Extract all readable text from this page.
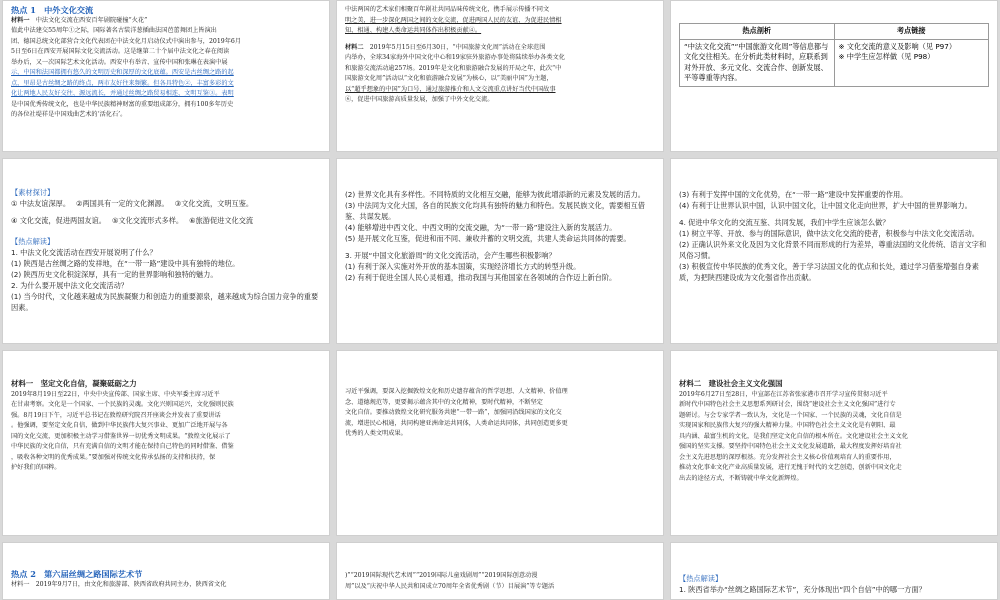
热点 1　中外文化交流

材料一　 中法文化交流在西安百年剧院碰撞“火花”

值此中法建交55周年①之际，国际著名古装洋葱插曲法国芭蕾舞团上皆演出

团、德国总统文化部营合文化代表团在中法文化月启动仪式中演出参与，2019年6月

5日至6日在西安开展国际文化交流活动。这是继第二十个届中法文化之春在阅读

举办后，又一次国际艺术文化活动。西安中有举音、宣传中国和张琳在表演中展

示，中国和法国都拥有悠久的文明历史和深厚的文化底蕴。西安是古丝绸之路的起

点，里昂是古丝绸之路的终点，两市友好往来频繁。但各具特色②，丰富多彩的文

化让两地人民友好交往、源远流长，并通过丝绸之路贸易相连、文明互鉴③。表明

是中国优秀传统文化，也是中华民族精神财富的重要组成部分，拥有100多年历史

的各位社堤祥是中国戏曲艺术的‘活化石’。

中法两国的艺术家们相聚百年剧社共同品味传统文化，携手展示传播不同文

明之美，进一步深化两国之间的文化交流，促进两国人民的友谊，为促进民情相

知、相通、构建人类命运共同体作出积极贡献④。

材料二　 2019年5月15日至6月30日，“中国旅游文化周”活动在全球范围

内举办，全球34家海外中国文化中心和19家驻外旅游办事处将陆续举办各类文化

和旅游交流活动逾257场。2019年是文化和旅游融合发展的开局之年，此次“中

国旅游文化周”活动以“文化和旅游融合发展”为核心，以“美丽中国”为主题，

以“超乎想象的中国”为口号，通过旅游推介和人文交流重点讲好当代中国故事

⑥，促进中国旅游高质量发展，加强了中外文化交流。

热点剖析	考点链接
“中法文化交流”“中国旅游文化周”等信息都与文化交往相关。在分析此类材料时，应联系到对外开放、多元文化、交流合作、创新发展、平等尊重等内容。	※ 文化交流的意义及影响（见 P97）
※ 中学生应怎样做（见 P98）

【素材探讨】

① 中法友谊深厚。 ②两国具有一定的文化渊源。 ③文化交流，文明互鉴。
④ 文化交流，促进两国友谊。 ⑤文化交流形式多样。 ⑥旅游促进文化交流

【热点解读】

1. 中法文化交流活动在西安开展说明了什么？

(1) 陕西是古丝绸之路的发祥地，在“一带一路”建设中具有独特的地位。

(2) 陕西历史文化积淀深厚，具有一定的世界影响和独特的魅力。

2. 为什么要开展中法文化交流活动？

(1) 当今时代，文化越来越成为民族凝聚力和创造力的重要源泉，越来越成为综合国力竞争的重要因素。

(2) 世界文化具有多样性。不同特质的文化相互交融，能够为彼此增添新的元素及发展的活力。

(3) 中法同为文化大国，各自的民族文化均具有独特的魅力和特色。发展民族文化，需要相互借鉴、共谋发展。

(4) 能够增进中西文化、中西文明的交流交融，为“一带一路”建设注入新的发展活力。

(5) 是开展文化互鉴，促进和而不同、兼收并蓄的文明交流，共建人类命运共同体的需要。

3. 开展“中国文化旅游周”的文化交流活动，会产生哪些积极影响？

(1) 有利于深入实施对外开放的基本国策，实现经济增长方式的转型升级。

(2) 有利于促进全国人民心灵相通，推动我国与其他国家在各领域的合作迈上新台阶。

(3) 有利于发挥中国的文化优势，在“一带一路”建设中发挥重要的作用。

(4) 有利于让世界认识中国，认识中国文化，让中国文化走向世界，扩大中国的世界影响力。

4. 促进中华文化的交流互鉴、共同发展，我们中学生应该怎么做？

(1) 树立平等、开放、参与的国际意识，做中法文化交流的使者，积极参与中法文化交流活动。

(2) 正确认识外来文化及因为文化背景不同而形成的行为差异，尊重法国的文化传统、语言文字和风俗习惯。

(3) 积极宣传中华民族的优秀文化，善于学习法国文化的优点和长处，通过学习借鉴增强自身素质，为把陕西建设成为文化强省作出贡献。

材料一　坚定文化自信，凝聚砥砺之力

2019年8月19日至22日，中央中央宣传部、国家主席、中央军委主席习近平

在甘肃考察。文化是一个国家、一个民族的灵魂。文化兴则国运兴，文化强则民族

强。8月19日下午，习近平总书记在敦煌研究院召开座谈会并发表了重要讲话

。他强调，要坚定文化自信，做到中华民族伟大复兴事业、更加广泛地开展与各

国的文化交流，更加积极主动学习借鉴世界一切优秀文明成果。“敦煌文化展示了

中华民族的文化自信，只有充满自信的文明才能在保持自己特色的同时借鉴、借鉴

，吸收各种文明的优秀成果。”要加强对传统文化传承弘扬的支持和扶持，保

护好我们的国粹。

习近平强调，要深入挖掘敦煌文化和历史遗存蕴含的哲学思想、人文精神、价值理

念、道德规范等，更要揭示蕴含其中的文化精神，要时代精神，不断坚定

文化自信。要推动敦煌文化研究服务共建“一带一路”，加强同沿线国家的文化交

流，增进民心相通，共同构建亚洲命运共同体，人类命运共同体，共同创造更多更

优秀的人类文明成果。

材料二　建设社会主义文化强国

2019年6月27日至28日，中宣部在江苏省张家港市召开学习宣传贯彻习近平

新时代中国特色社会主义思想系列研讨会，围绕“建设社会主义文化强国”进行专

题研讨。与会专家学者一致认为，文化是一个国家、一个民族的灵魂，文化自信是

实现国家和民族伟大复兴的强大精神力量。中国特色社会主义文化是有朝阳、最

具内涵、最富生机的文化，是我们坚定文化自信的根本所在。文化建设社会主义文化

强国的坚实支撑。要坚持中国特色社会主义文化发展道路，最大程度发挥好培育社

会主义先进思想的深厚根基。充分发挥社会主义核心价值观培育人的重要作用，

推动文化事业文化产业高质量发展，进行无愧于时代的文艺创造，创新中国文化走

出去的途径方式，不断铸就中华文化新辉煌。

热点 2　第六届丝绸之路国际艺术节

材料一　2019年9月7日，由文化和旅游部、陕西省政府共同主办，陕西省文化

)”“2019国际现代艺术周”“2019国际儿童戏剧周”“2019国际创意动漫

周”以及“庆祝中华人民共和国成立70周年全省优秀剧（节）目展演”等专题活

【热点解读】

1. 陕西省举办“丝绸之路国际艺术节”，充分体现出“四个自信”中的哪一方面？
